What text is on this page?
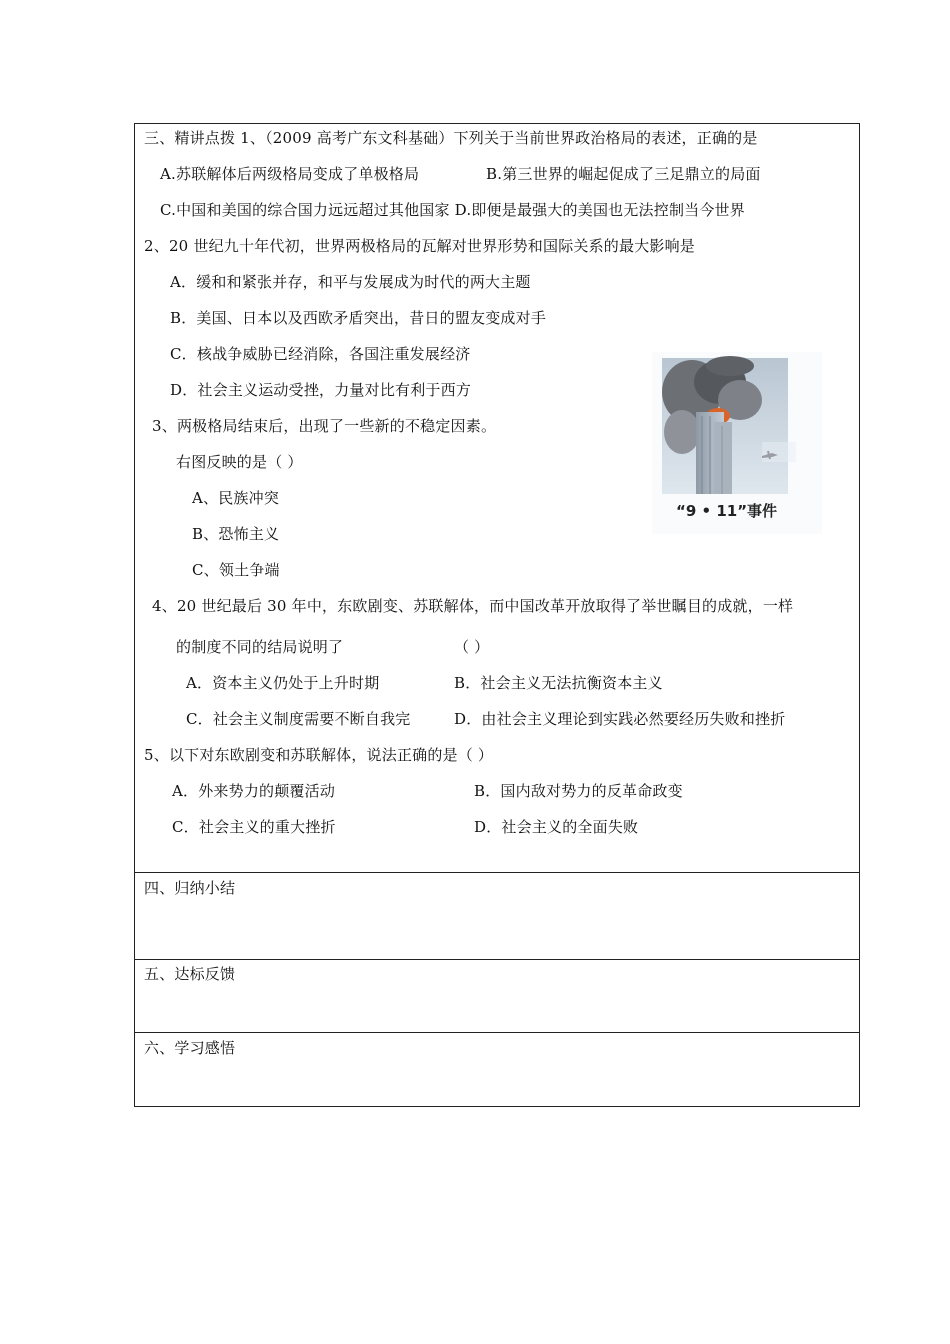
三、精讲点拨 1、（2009 高考广东文科基础）下列关于当前世界政治格局的表述，正确的是
A.苏联解体后两级格局变成了单极格局	B.第三世界的崛起促成了三足鼎立的局面
C.中国和美国的综合国力远远超过其他国家 D.即便是最强大的美国也无法控制当今世界
2、20 世纪九十年代初，世界两极格局的瓦解对世界形势和国际关系的最大影响是
A．缓和和紧张并存，和平与发展成为时代的两大主题
B．美国、日本以及西欧矛盾突出，昔日的盟友变成对手
C．核战争威胁已经消除，各国注重发展经济
D．社会主义运动受挫，力量对比有利于西方
3、两极格局结束后，出现了一些新的不稳定因素。
右图反映的是（ ）
A、民族冲突
B、恐怖主义
C、领土争端
“9 • 11”事件
4、20 世纪最后 30 年中，东欧剧变、苏联解体，而中国改革开放取得了举世瞩目的成就，一样
的制度不同的结局说明了	（ ）
A．资本主义仍处于上升时期	B．社会主义无法抗衡资本主义
C．社会主义制度需要不断自我完	D．由社会主义理论到实践必然要经历失败和挫折
5、以下对东欧剧变和苏联解体，说法正确的是（ ）
A．外来势力的颠覆活动	B．国内敌对势力的反革命政变
C．社会主义的重大挫折	D．社会主义的全面失败
四、归纳小结
五、达标反馈
六、学习感悟
